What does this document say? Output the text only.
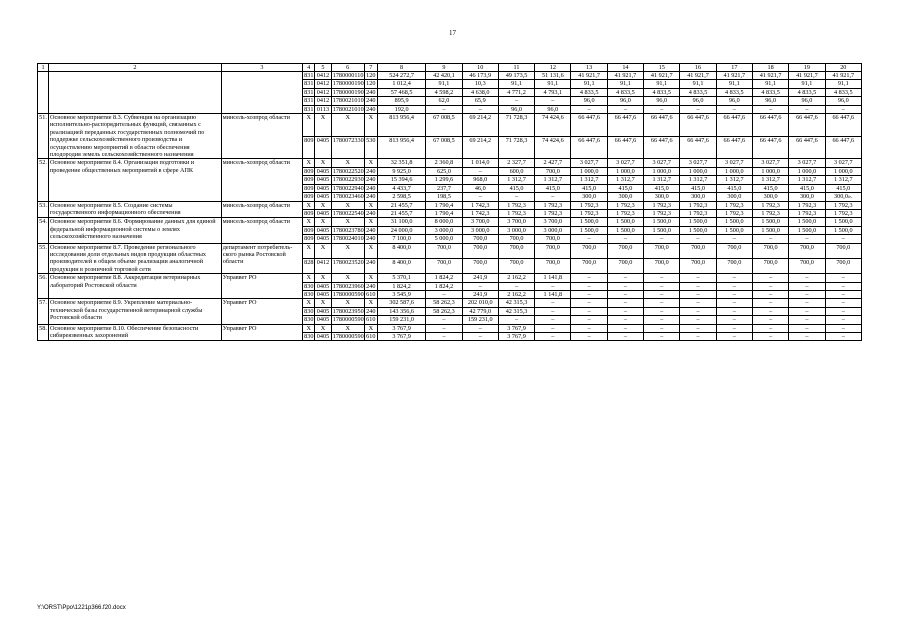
17
1	2	3	4	5	6	7	8	9	10	11	12	13	14	15	16	17	18	19	20
			831	0412	1780000110	120	524 272,7	42 420,1	46 173,9	49 173,5	51 131,6	41 921,7	41 921,7	41 921,7	41 921,7	41 921,7	41 921,7	41 921,7	41 921,7
			831	0412	1780000190	120	1 012,4	91,1	10,3	91,1	91,1	91,1	91,1	91,1	91,1	91,1	91,1	91,1	91,1
			831	0412	1780000190	240	57 468,5	4 598,2	4 638,0	4 771,2	4 793,1	4 833,5	4 833,5	4 833,5	4 833,5	4 833,5	4 833,5	4 833,5	4 833,5
			831	0412	1780021010	240	895,9	62,0	65,9	–	–	96,0	96,0	96,0	96,0	96,0	96,0	96,0	96,0
			831	0113	1780021010	240	192,0	–	–	96,0	96,0	–	–	–	–	–	–	–	–
51.	Основное мероприятие 8.3. Субвенция на организацию исполнительно-распорядительных функций, связанных с реализацией переданных государственных полномочий по поддержке сельскохозяйственного производства и осуществлению мероприятий в области обеспечения плодородия земель сельскохозяйственного назначения	минсель-хозпрод области	X	X	X	X	813 956,4	67 008,5	69 214,2	71 728,3	74 424,6	66 447,6	66 447,6	66 447,6	66 447,6	66 447,6	66 447,6	66 447,6	66 447,6
			809	0405	1780072330	530	813 956,4	67 008,5	69 214,2	71 728,3	74 424,6	66 447,6	66 447,6	66 447,6	66 447,6	66 447,6	66 447,6	66 447,6	66 447,6
52.	Основное мероприятие 8.4. Организация подготовки и проведение общественных мероприятий в сфере АПК	минсель-хозпрод области	X	X	X	X	32 351,8	2 360,8	1 014,0	2 327,7	2 427,7	3 027,7	3 027,7	3 027,7	3 027,7	3 027,7	3 027,7	3 027,7	3 027,7
			809	0405	1780022520	240	9 925,0	625,0	–	600,0	700,0	1 000,0	1 000,0	1 000,0	1 000,0	1 000,0	1 000,0	1 000,0	1 000,0
			809	0405	1780022930	240	15 394,6	1 299,6	968,0	1 312,7	1 312,7	1 312,7	1 312,7	1 312,7	1 312,7	1 312,7	1 312,7	1 312,7	1 312,7
			809	0405	1780022940	240	4 433,7	237,7	46,0	415,0	415,0	415,0	415,0	415,0	415,0	415,0	415,0	415,0	415,0
			809	0405	1780023460	240	2 598,5	198,5	–	–	–	300,0	300,0	300,0	300,0	300,0	300,0	300,0	300,0».
53.	Основное мероприятие 8.5. Создание системы государственного информационного обеспечения	минсель-хозпрод области	X	X	X	X	21 455,7	1 790,4	1 742,3	1 792,3	1 792,3	1 792,3	1 792,3	1 792,3	1 792,3	1 792,3	1 792,3	1 792,3	1 792,3
			809	0405	1780022540	240	21 455,7	1 790,4	1 742,3	1 792,3	1 792,3	1 792,3	1 792,3	1 792,3	1 792,3	1 792,3	1 792,3	1 792,3	1 792,3
54.	Основное мероприятие 8.6. Формирование данных для единой федеральной информационной системы о землях сельскохозяйственного назначения	минсель-хозпрод области	X	X	X	X	31 100,0	8 000,0	3 700,0	3 700,0	3 700,0	1 500,0	1 500,0	1 500,0	1 500,0	1 500,0	1 500,0	1 500,0	1 500,0
			809	0405	1780023780	240	24 000,0	3 000,0	3 000,0	3 000,0	3 000,0	1 500,0	1 500,0	1 500,0	1 500,0	1 500,0	1 500,0	1 500,0	1 500,0
			809	0405	1780024010	240	7 100,0	5 000,0	700,0	700,0	700,0	–	–	–	–	–	–	–	–
55.	Основное мероприятие 8.7. Проведение регионального исследования доли отдельных видов продукции областных производителей в общем объеме реализации аналогичной продукции в розничной торговой сети	департамент потребитель-ского рынка Ростовской области	X	X	X	X	8 400,0	700,0	700,0	700,0	700,0	700,0	700,0	700,0	700,0	700,0	700,0	700,0	700,0
			828	0412	1780023520	240	8 400,0	700,0	700,0	700,0	700,0	700,0	700,0	700,0	700,0	700,0	700,0	700,0	700,0
56.	Основное мероприятие 8.8. Аккредитация ветеринарных лабораторий Ростовской области	Управвет РО	X	X	X	X	5 370,1	1 824,2	241,9	2 162,2	1 141,8	–	–	–	–	–	–	–	–
			830	0405	1780023960	240	1 824,2	1 824,2	–	–	–	–	–	–	–	–	–	–	–
			830	0405	1780000590	610	3 545,9	–	241,9	2 162,2	1 141,8	–	–	–	–	–	–	–	–
57.	Основное мероприятие 8.9. Укрепление материально-технической базы государственной ветеринарной службы Ростовской области	Управвет РО	X	X	X	X	302 587,6	58 262,3	202 010,0	42 315,3	–	–	–	–	–	–	–	–	–
			830	0405	1780023950	240	143 356,6	58 262,3	42 779,0	42 315,3	–	–	–	–	–	–	–	–	–
			830	0405	1780000590	610	159 231,0	–	159 231,0	–	–	–	–	–	–	–	–	–	–
58.	Основное мероприятие 8.10. Обеспечение безопасности сибиреязвенных захоронений	Управвет РО	X	X	X	X	3 767,9	–	–	3 767,9	–	–	–	–	–	–	–	–	–
			830	0405	1780000590	610	3 767,9	–	–	3 767,9	–	–	–	–	–	–	–	–	–
Y:\ORST\Ppo\1221p366.f20.docx
